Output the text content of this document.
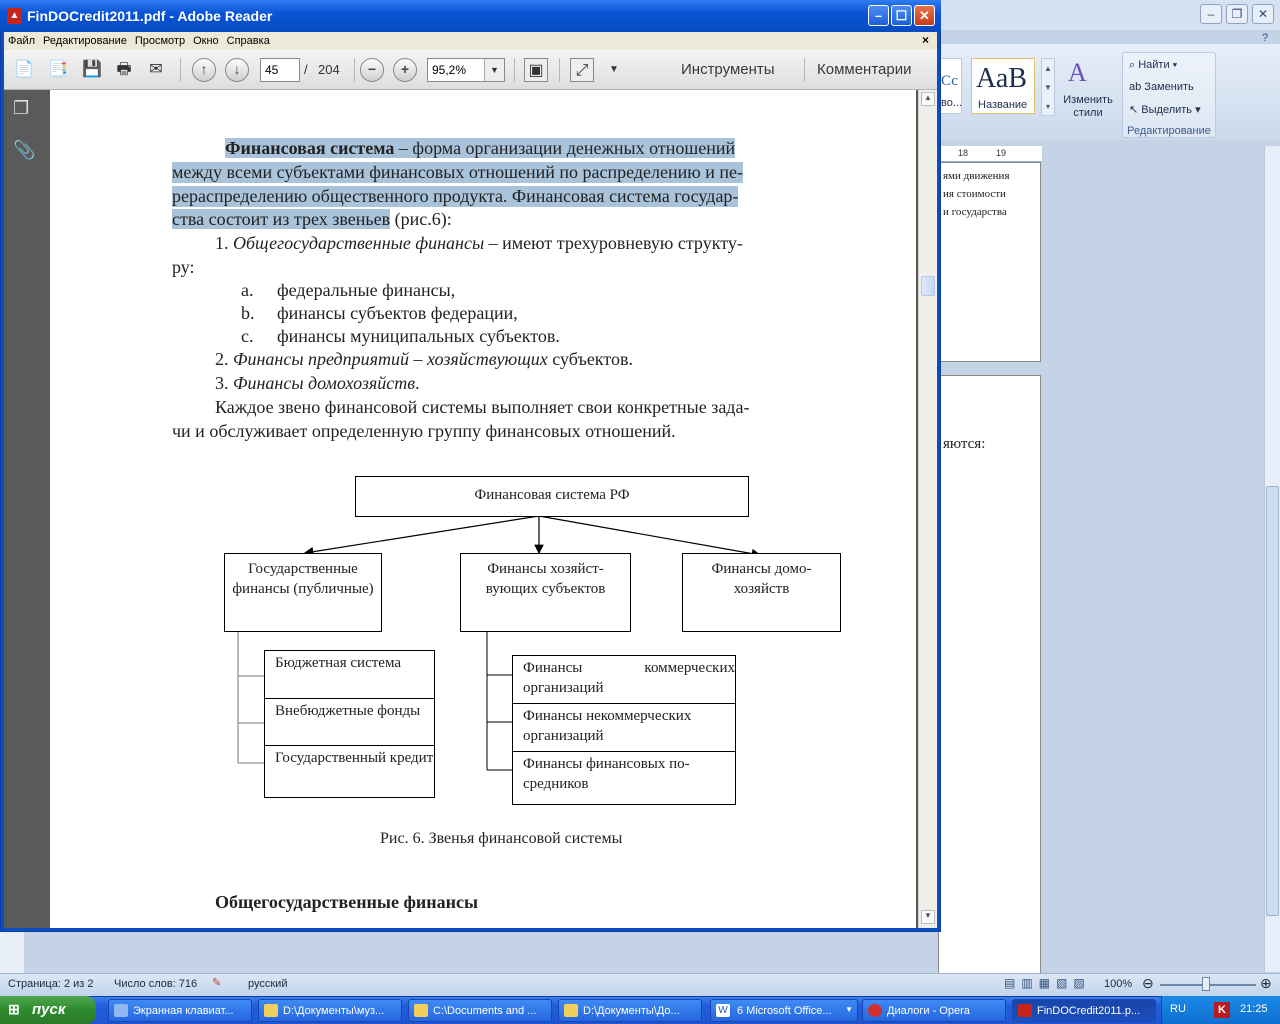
–	❐	✕
?
Сс
во...
АаВ
Название
▲
▼
▾
A
Изменить стили
⌕ Найти ▾
ab Заменить
↖ Выделить ▾
Редактирование
18	19
ями движения
ия стоимости
и государства
яются:
Страница: 2 из 2 Число слов: 716 ✎ русский	▤▥▦▧▨	100% ⊖	⊕
▲ FinDOCredit2011.pdf - Adobe Reader	–	☐ ✕
Файл Редактирование Просмотр Окно Справка	×
📄 📑 💾 🖶	✉	↑	↓
45	/ 204	−	+	95,2%	▼	▣	⤢	▼	Инструменты	Комментарии
❐
📎	Финансовая система – форма организации денежных отношений
между всеми субъектами финансовых отношений по распределению и пе-
рераспределению общественного продукта. Финансовая система государ-
ства состоит из трех звеньев (рис.6):
1. Общегосударственные финансы – имеют трехуровневую структу-
ру:
a. федеральные финансы,
b. финансы субъектов федерации,
c. финансы муниципальных субъектов.
2. Финансы предприятий – хозяйствующих субъектов.
3. Финансы домохозяйств.
Каждое звено финансовой системы выполняет свои конкретные зада-
чи и обслуживает определенную группу финансовых отношений.
Финансовая система РФ
Государственные финансы (публичные)
Финансы хозяйст-вующих субъектов
Финансы домо-хозяйств
Бюджетная система
Внебюджетные фонды
Государственный кредит
Финансы коммерческих организаций
Финансы некоммерческих организаций
Финансы финансовых по-средников
Рис. 6. Звенья финансовой системы
Общегосударственные финансы
▲
▼
⊞ пуск	Экранная клавиат...	D:\Документы\муз...	C:\Documents and ...	D:\Документы\До...	W 6 Microsoft Office... ▼	Диалоги - Opera	FinDOCredit2011.p...	RU	K	21:25
